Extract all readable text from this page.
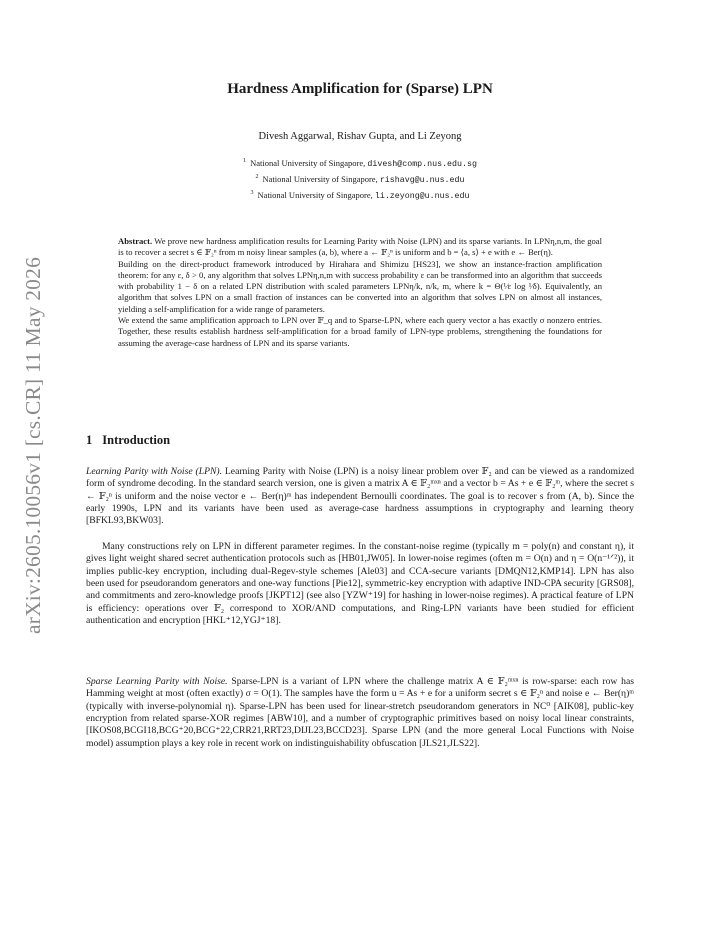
arXiv:2605.10056v1 [cs.CR] 11 May 2026
Hardness Amplification for (Sparse) LPN
Divesh Aggarwal, Rishav Gupta, and Li Zeyong
$^1$ National University of Singapore, divesh@comp.nus.edu.sg
$^2$ National University of Singapore, rishavg@u.nus.edu
$^3$ National University of Singapore, li.zeyong@u.nus.edu

Abstract. We prove new hardness amplification results for Learning Parity with Noise (LPN) and its sparse variants. In LPNη,n,m, the goal is to recover a secret s ∈ 𝔽₂ⁿ from m noisy linear samples (a, b), where a ← 𝔽₂ⁿ is uniform and b = ⟨a, s⟩ + e with e ← Ber(η).

Building on the direct-product framework introduced by Hirahara and Shimizu [HS23], we show an instance-fraction amplification theorem: for any ε, δ > 0, any algorithm that solves LPNη,n,m with success probability ε can be transformed into an algorithm that succeeds with probability 1 − δ on a related LPN distribution with scaled parameters LPNη/k, n/k, m, where k = Θ(¹⁄ε log ¹⁄δ). Equivalently, an algorithm that solves LPN on a small fraction of instances can be converted into an algorithm that solves LPN on almost all instances, yielding a self-amplification for a wide range of parameters.

We extend the same amplification approach to LPN over 𝔽_q and to Sparse-LPN, where each query vector a has exactly σ nonzero entries. Together, these results establish hardness self-amplification for a broad family of LPN-type problems, strengthening the foundations for assuming the average-case hardness of LPN and its sparse variants.

1 Introduction

Learning Parity with Noise (LPN). Learning Parity with Noise (LPN) is a noisy linear problem over 𝔽₂ and can be viewed as a randomized form of syndrome decoding. In the standard search version, one is given a matrix A ∈ 𝔽₂ᵐˣⁿ and a vector b = As + e ∈ 𝔽₂ᵐ, where the secret s ← 𝔽₂ⁿ is uniform and the noise vector e ← Ber(η)ᵐ has independent Bernoulli coordinates. The goal is to recover s from (A, b). Since the early 1990s, LPN and its variants have been used as average-case hardness assumptions in cryptography and learning theory [BFKL93,BKW03].

Many constructions rely on LPN in different parameter regimes. In the constant-noise regime (typically m = poly(n) and constant η), it gives light weight shared secret authentication protocols such as [HB01,JW05]. In lower-noise regimes (often m = O(n) and η = O(n⁻¹ᐟ²)), it implies public-key encryption, including dual-Regev-style schemes [Ale03] and CCA-secure variants [DMQN12,KMP14]. LPN has also been used for pseudorandom generators and one-way functions [Pie12], symmetric-key encryption with adaptive IND-CPA security [GRS08], and commitments and zero-knowledge proofs [JKPT12] (see also [YZW⁺19] for hashing in lower-noise regimes). A practical feature of LPN is efficiency: operations over 𝔽₂ correspond to XOR/AND computations, and Ring-LPN variants have been studied for efficient authentication and encryption [HKL⁺12,YGJ⁺18].

Sparse Learning Parity with Noise. Sparse-LPN is a variant of LPN where the challenge matrix A ∈ 𝔽₂ᵐˣⁿ is row-sparse: each row has Hamming weight at most (often exactly) σ = O(1). The samples have the form u = As + e for a uniform secret s ∈ 𝔽₂ⁿ and noise e ← Ber(η)ᵐ (typically with inverse-polynomial η). Sparse-LPN has been used for linear-stretch pseudorandom generators in NC⁰ [AIK08], public-key encryption from related sparse-XOR regimes [ABW10], and a number of cryptographic primitives based on noisy local linear constraints, [IKOS08,BCGI18,BCG⁺20,BCG⁺22,CRR21,RRT23,DIJL23,BCCD23]. Sparse LPN (and the more general Local Functions with Noise model) assumption plays a key role in recent work on indistinguishability obfuscation [JLS21,JLS22].
